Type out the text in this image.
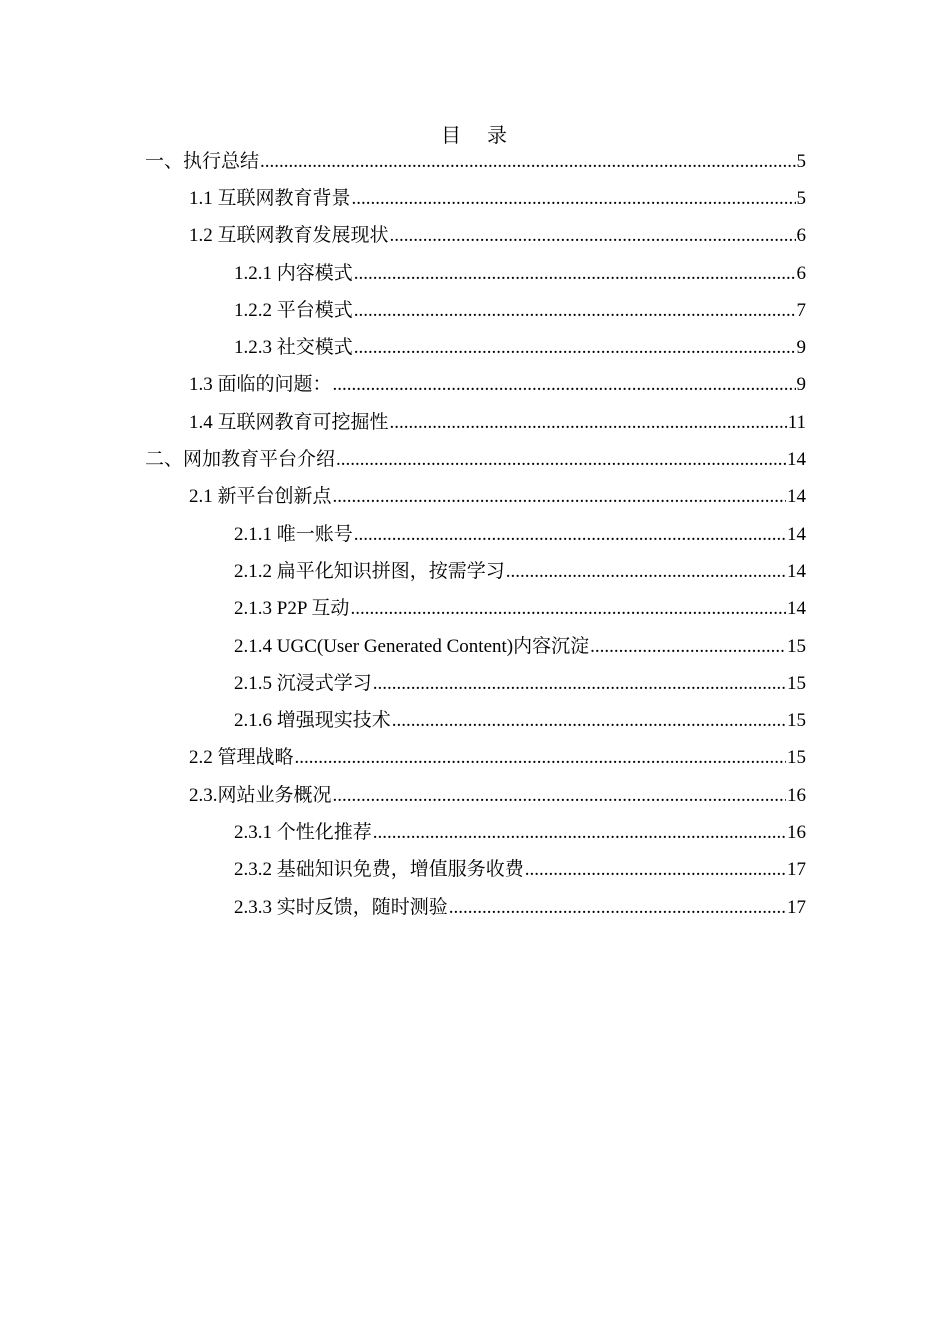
目 录
一、执行总结 .....	5
1.1 互联网教育背景 .....	5
1.2 互联网教育发展现状 .....	6
1.2.1 内容模式 .....	6
1.2.2 平台模式 .....	7
1.2.3 社交模式 .....	9
1.3 面临的问题： .....	9
1.4 互联网教育可挖掘性 .....	11
二、网加教育平台介绍 .....	14
2.1 新平台创新点 .....	14
2.1.1 唯一账号 .....	14
2.1.2 扁平化知识拼图，按需学习 .....	14
2.1.3 P2P 互动 .....	14
2.1.4 UGC(User Generated Content)内容沉淀 .....	15
2.1.5 沉浸式学习 .....	15
2.1.6 增强现实技术 .....	15
2.2 管理战略 .....	15
2.3.网站业务概况 .....	16
2.3.1 个性化推荐 .....	16
2.3.2 基础知识免费，增值服务收费 .....	17
2.3.3 实时反馈，随时测验 .....	17
